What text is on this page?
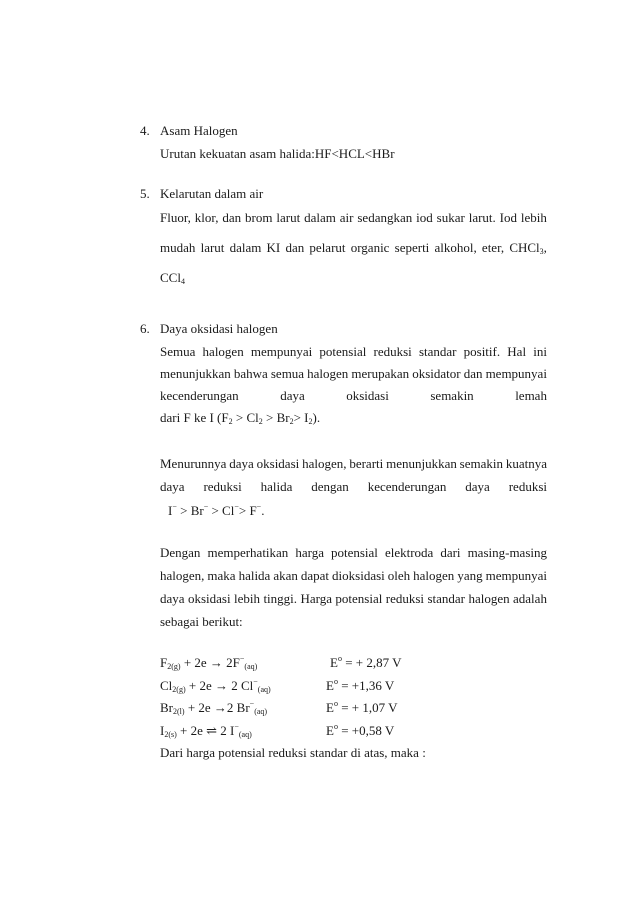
4. Asam Halogen
Urutan kekuatan asam halida:HF<HCL<HBr
5. Kelarutan dalam air
Fluor, klor, dan brom larut dalam air sedangkan iod sukar larut. Iod lebih
mudah larut dalam KI dan pelarut organic seperti alkohol, eter, CHCl$_3$,
CCl$_4$
6. Daya oksidasi halogen
Semua halogen mempunyai potensial reduksi standar positif. Hal ini
menunjukkan bahwa semua halogen merupakan oksidator dan mempunyai
kecenderungan	daya	oksidasi	semakin	lemah
dari F ke I $(F_2 > Cl_2 > Br_2> I_2)$.
Menurunnya daya oksidasi halogen, berarti menunjukkan semakin kuatnya
daya reduksi halida dengan kecenderungan daya reduksi
I− > Br− > Cl−> F−.
Dengan memperhatikan harga potensial elektroda dari masing-masing
halogen, maka halida akan dapat dioksidasi oleh halogen yang mempunyai
daya oksidasi lebih tinggi. Harga potensial reduksi standar halogen adalah
sebagai berikut:
$F_{2(g)} + 2e \to 2F^-_{(aq)}$	$E^o$ = + 2,87 V
$Cl_{2(g)} + 2e \to 2$ $Cl^-_{(aq)}$	$E^o = +1,36$ V
$Br_{2(l)} + 2e \to 2$ $Br^-_{(aq)}$	$E^o$ = + 1,07 V
$I_{2(s)} + 2e$ ⇌ 2 $I^-_{(aq)}$	$E^o = +0,58$ V
Dari harga potensial reduksi standar di atas, maka :
